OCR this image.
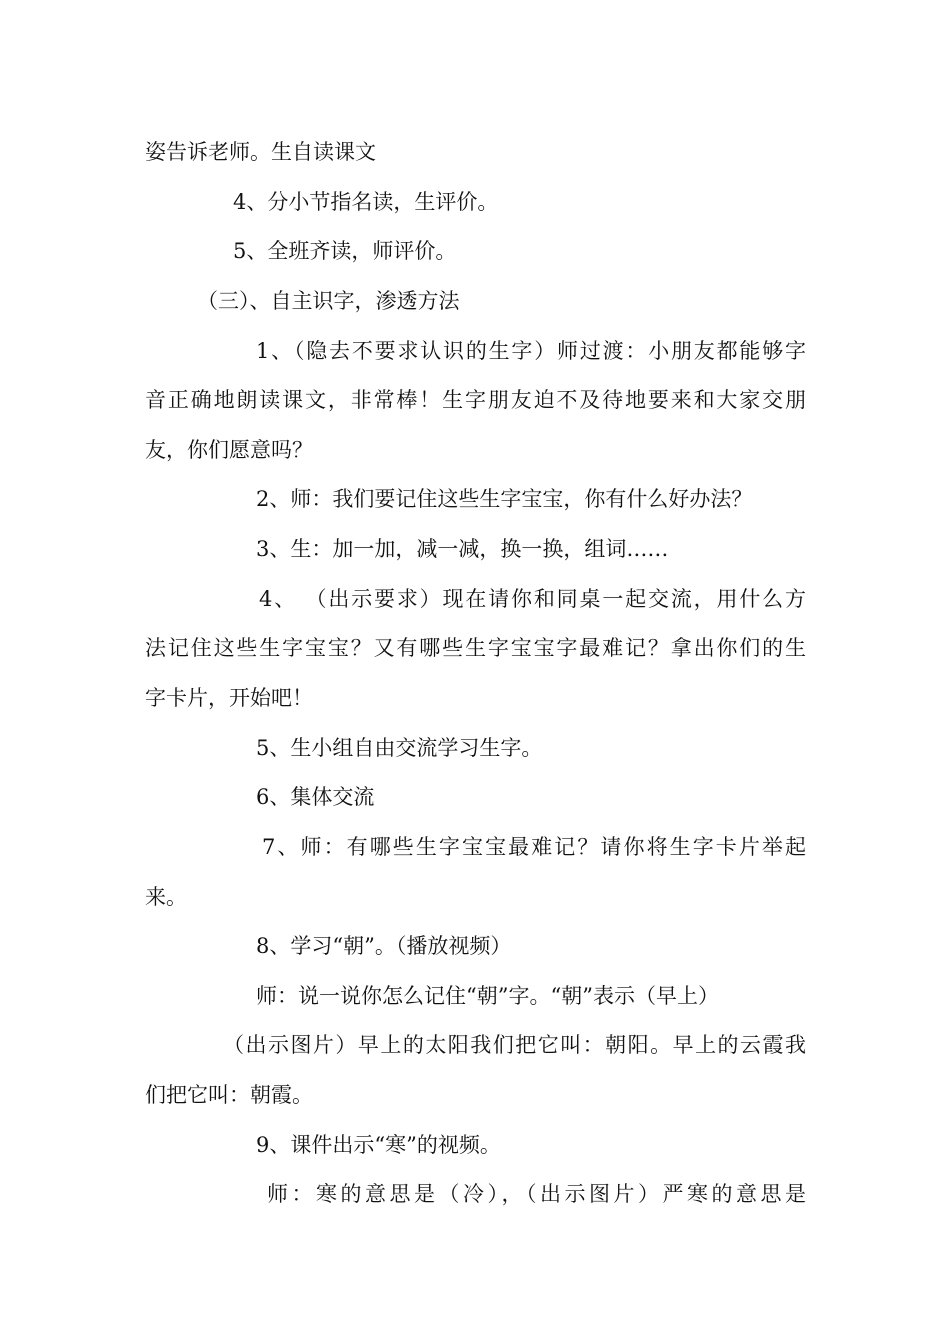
姿告诉老师。生自读课文
4、分小节指名读，生评价。
5、全班齐读，师评价。
（三）、自主识字，渗透方法
1、（隐去不要求认识的生字）师过渡：小朋友都能够字
音正确地朗读课文，非常棒！生字朋友迫不及待地要来和大家交朋
友，你们愿意吗？
2、师：我们要记住这些生字宝宝，你有什么好办法？
3、生：加一加，减一减，换一换，组词……
4、 （出示要求）现在请你和同桌一起交流，用什么方
法记住这些生字宝宝？又有哪些生字宝宝字最难记？拿出你们的生
字卡片，开始吧！
5、生小组自由交流学习生字。
6、集体交流
7、师：有哪些生字宝宝最难记？请你将生字卡片举起
来。
8、学习“朝”。（播放视频）
师：说一说你怎么记住“朝”字。“朝”表示（早上）
（出示图片）早上的太阳我们把它叫：朝阳。早上的云霞我
们把它叫：朝霞。
9、课件出示“寒”的视频。
师：寒的意思是（冷），（出示图片）严寒的意思是
